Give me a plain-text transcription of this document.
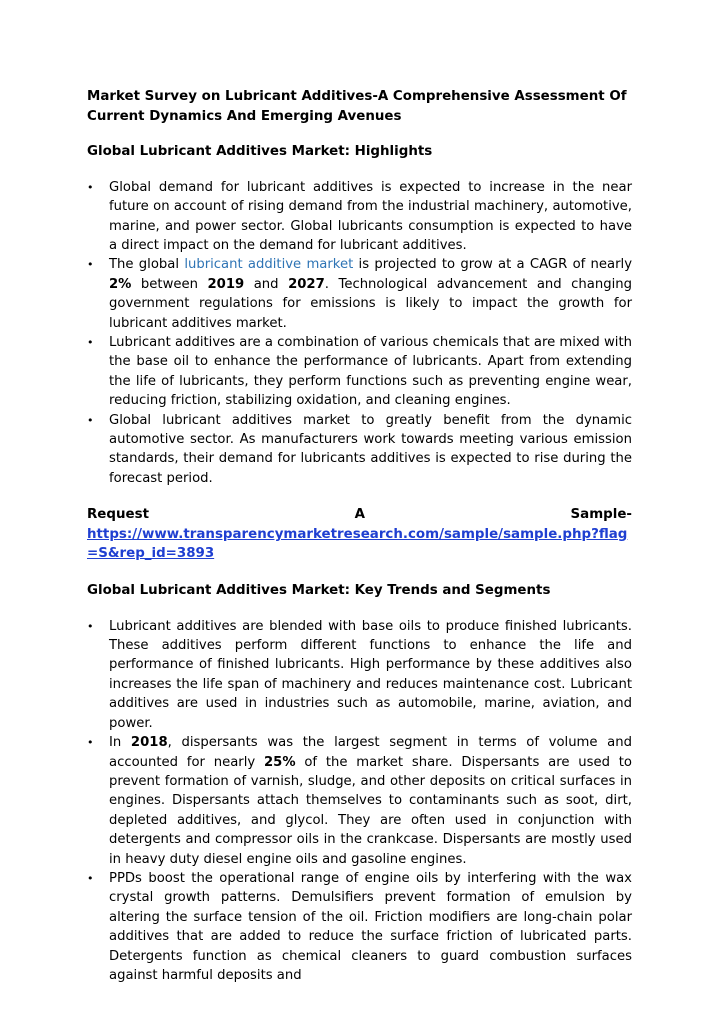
Market Survey on Lubricant Additives-A Comprehensive Assessment Of Current Dynamics And Emerging Avenues

Global Lubricant Additives Market: Highlights

•	Global demand for lubricant additives is expected to increase in the near future on account of rising demand from the industrial machinery, automotive, marine, and power sector. Global lubricants consumption is expected to have a direct impact on the demand for lubricant additives.
•	The global lubricant additive market is projected to grow at a CAGR of nearly 2% between 2019 and 2027. Technological advancement and changing government regulations for emissions is likely to impact the growth for lubricant additives market.
•	Lubricant additives are a combination of various chemicals that are mixed with the base oil to enhance the performance of lubricants. Apart from extending the life of lubricants, they perform functions such as preventing engine wear, reducing friction, stabilizing oxidation, and cleaning engines.
•	Global lubricant additives market to greatly benefit from the dynamic automotive sector. As manufacturers work towards meeting various emission standards, their demand for lubricants additives is expected to rise during the forecast period.
Request	A	Sample-
https://www.transparencymarketresearch.com/sample/sample.php?flag=S&rep_id=3893

Global Lubricant Additives Market: Key Trends and Segments

•	Lubricant additives are blended with base oils to produce finished lubricants. These additives perform different functions to enhance the life and performance of finished lubricants. High performance by these additives also increases the life span of machinery and reduces maintenance cost. Lubricant additives are used in industries such as automobile, marine, aviation, and power.
•	In 2018, dispersants was the largest segment in terms of volume and accounted for nearly 25% of the market share. Dispersants are used to prevent formation of varnish, sludge, and other deposits on critical surfaces in engines. Dispersants attach themselves to contaminants such as soot, dirt, depleted additives, and glycol. They are often used in conjunction with detergents and compressor oils in the crankcase. Dispersants are mostly used in heavy duty diesel engine oils and gasoline engines.
•	PPDs boost the operational range of engine oils by interfering with the wax crystal growth patterns. Demulsifiers prevent formation of emulsion by altering the surface tension of the oil. Friction modifiers are long-chain polar additives that are added to reduce the surface friction of lubricated parts. Detergents function as chemical cleaners to guard combustion surfaces against harmful deposits and
